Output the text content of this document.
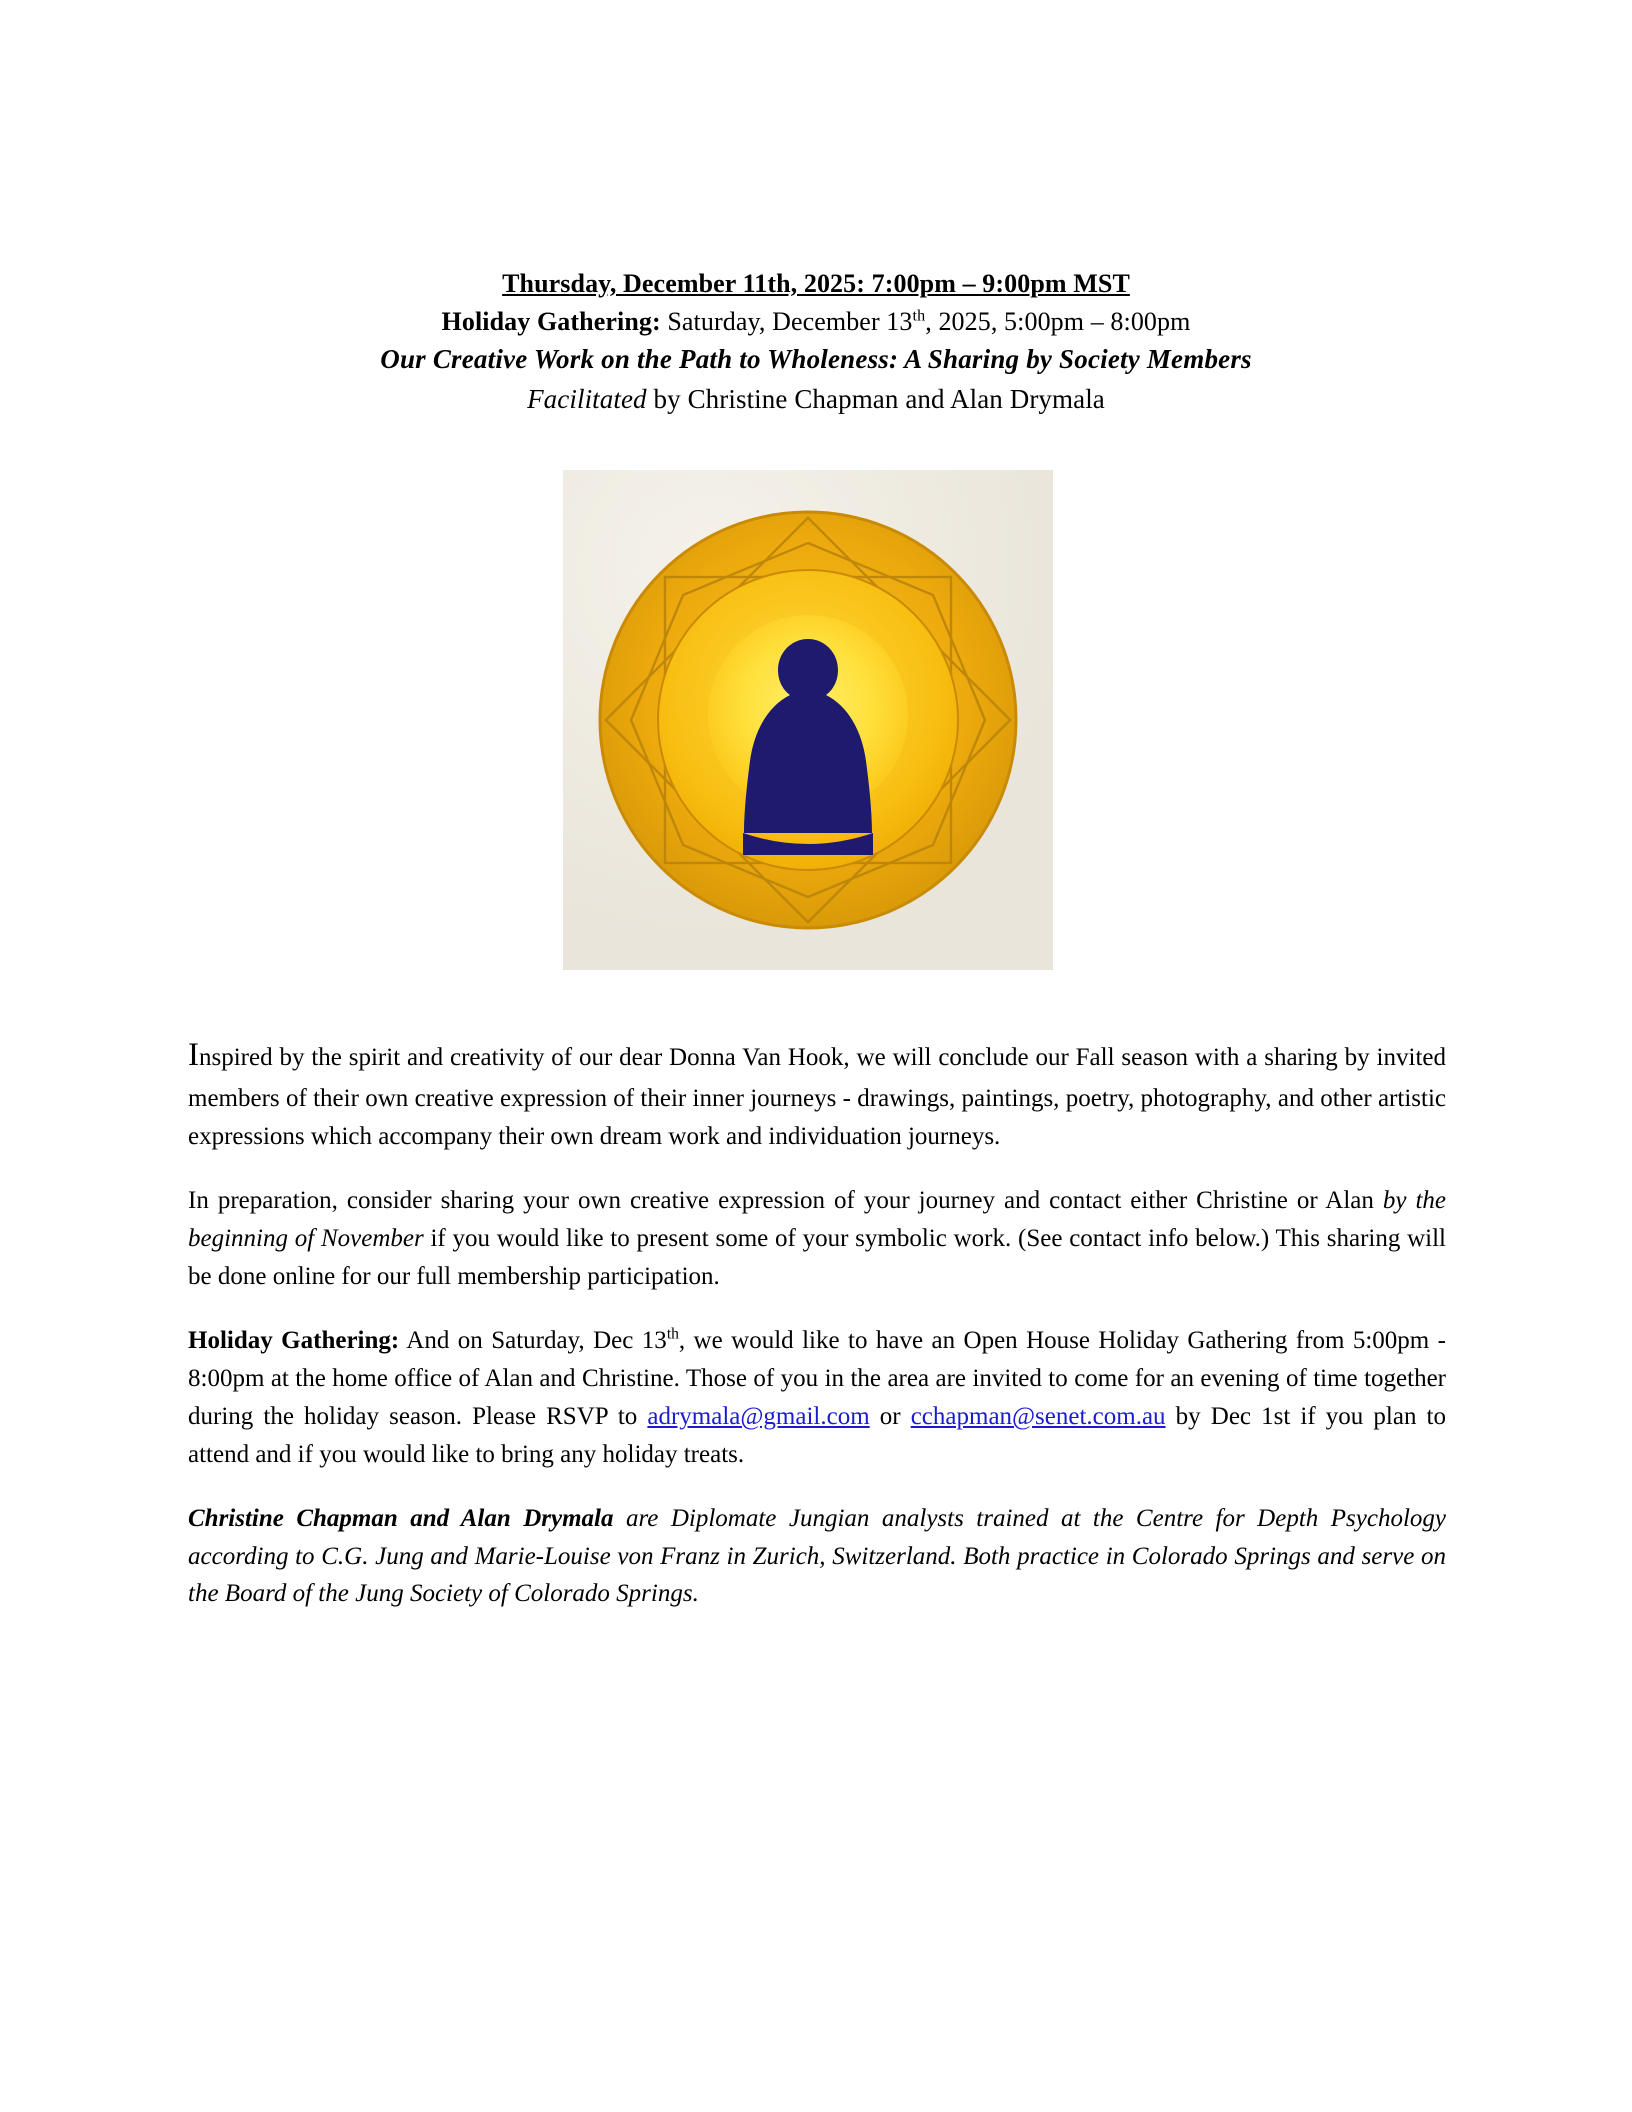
Thursday, December 11th, 2025: 7:00pm – 9:00pm MST
Holiday Gathering: Saturday, December 13th, 2025, 5:00pm – 8:00pm
Our Creative Work on the Path to Wholeness: A Sharing by Society Members
Facilitated by Christine Chapman and Alan Drymala

Inspired by the spirit and creativity of our dear Donna Van Hook, we will conclude our Fall season with a sharing by invited members of their own creative expression of their inner journeys - drawings, paintings, poetry, photography, and other artistic expressions which accompany their own dream work and individuation journeys.

In preparation, consider sharing your own creative expression of your journey and contact either Christine or Alan by the beginning of November if you would like to present some of your symbolic work. (See contact info below.) This sharing will be done online for our full membership participation.

Holiday Gathering: And on Saturday, Dec 13th, we would like to have an Open House Holiday Gathering from 5:00pm - 8:00pm at the home office of Alan and Christine. Those of you in the area are invited to come for an evening of time together during the holiday season. Please RSVP to adrymala@gmail.com or cchapman@senet.com.au by Dec 1st if you plan to attend and if you would like to bring any holiday treats.

Christine Chapman and Alan Drymala are Diplomate Jungian analysts trained at the Centre for Depth Psychology according to C.G. Jung and Marie-Louise von Franz in Zurich, Switzerland. Both practice in Colorado Springs and serve on the Board of the Jung Society of Colorado Springs.
